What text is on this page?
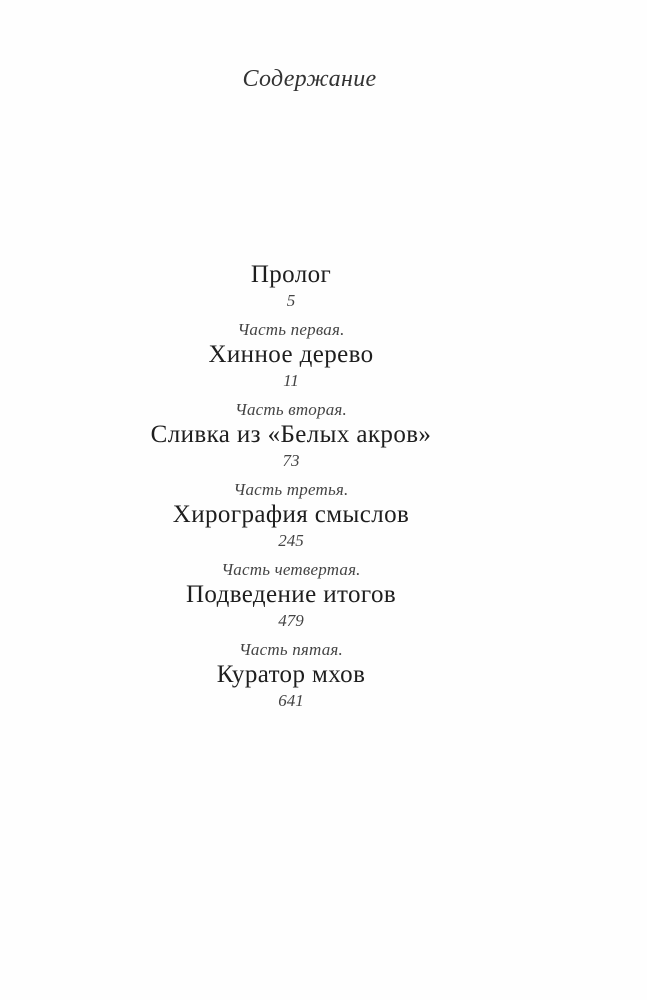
Содержание
Пролог
5
Часть первая.
Хинное дерево
11
Часть вторая.
Сливка из «Белых акров»
73
Часть третья.
Хирография смыслов
245
Часть четвертая.
Подведение итогов
479
Часть пятая.
Куратор мхов
641
